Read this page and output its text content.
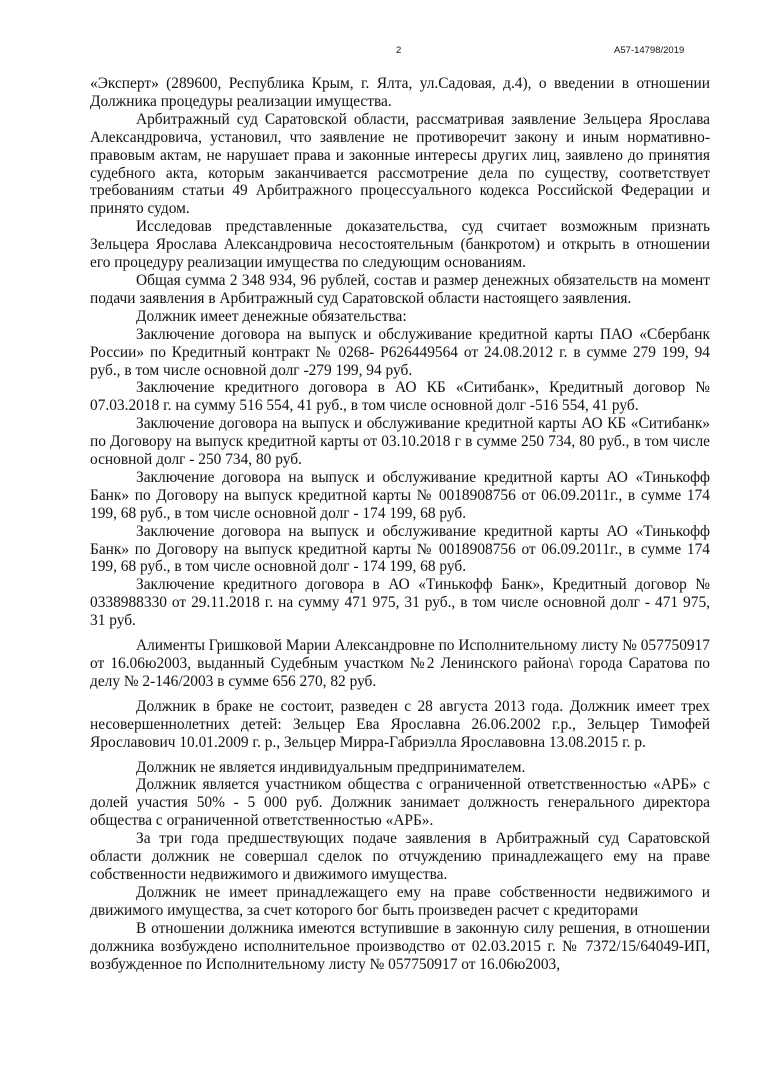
2	А57-14798/2019

«Эксперт» (289600, Республика Крым, г. Ялта, ул.Садовая, д.4), о введении в отношении Должника процедуры реализации имущества.

Арбитражный суд Саратовской области, рассматривая заявление Зельцера Ярослава Александровича, установил, что заявление не противоречит закону и иным нормативно-правовым актам, не нарушает права и законные интересы других лиц, заявлено до принятия судебного акта, которым заканчивается рассмотрение дела по существу, соответствует требованиям статьи 49 Арбитражного процессуального кодекса Российской Федерации и принято судом.

Исследовав представленные доказательства, суд считает возможным признать Зельцера Ярослава Александровича несостоятельным (банкротом) и открыть в отношении его процедуру реализации имущества по следующим основаниям.

Общая сумма 2 348 934, 96 рублей, состав и размер денежных обязательств на момент подачи заявления в Арбитражный суд Саратовской области настоящего заявления.

Должник имеет денежные обязательства:

Заключение договора на выпуск и обслуживание кредитной карты ПАО «Сбербанк России» по Кредитный контракт № 0268- Р626449564 от 24.08.2012 г. в сумме 279 199, 94 руб., в том числе основной долг -279 199, 94 руб.

Заключение кредитного договора в АО КБ «Ситибанк», Кредитный договор № 07.03.2018 г. на сумму 516 554, 41 руб., в том числе основной долг -516 554, 41 руб.

Заключение договора на выпуск и обслуживание кредитной карты АО КБ «Ситибанк» по Договору на выпуск кредитной карты от 03.10.2018 г в сумме 250 734, 80 руб., в том числе основной долг - 250 734, 80 руб.

Заключение договора на выпуск и обслуживание кредитной карты АО «Тинькофф Банк» по Договору на выпуск кредитной карты № 0018908756 от 06.09.2011г., в сумме 174 199, 68 руб., в том числе основной долг - 174 199, 68 руб.

Заключение договора на выпуск и обслуживание кредитной карты АО «Тинькофф Банк» по Договору на выпуск кредитной карты № 0018908756 от 06.09.2011г., в сумме 174 199, 68 руб., в том числе основной долг - 174 199, 68 руб.

Заключение кредитного договора в АО «Тинькофф Банк», Кредитный договор № 0338988330 от 29.11.2018 г. на сумму 471 975, 31 руб., в том числе основной долг - 471 975, 31 руб.

Алименты Гришковой Марии Александровне по Исполнительному листу № 057750917 от 16.06ю2003, выданный Судебным участком №2 Ленинского района\ города Саратова по делу № 2-146/2003 в сумме 656 270, 82 руб.

Должник в браке не состоит, разведен с 28 августа 2013 года. Должник имеет трех несовершеннолетних детей: Зельцер Ева Ярославна 26.06.2002 г.р., Зельцер Тимофей Ярославович 10.01.2009 г. р., Зельцер Мирра-Габриэлла Ярославовна 13.08.2015 г. р.

Должник не является индивидуальным предпринимателем.

Должник является участником общества с ограниченной ответственностью «АРБ» с долей участия 50% - 5 000 руб. Должник занимает должность генерального директора общества с ограниченной ответственностью «АРБ».

За три года предшествующих подаче заявления в Арбитражный суд Саратовской области должник не совершал сделок по отчуждению принадлежащего ему на праве собственности недвижимого и движимого имущества.

Должник не имеет принадлежащего ему на праве собственности недвижимого и движимого имущества, за счет которого бог быть произведен расчет с кредиторами

В отношении должника имеются вступившие в законную силу решения, в отношении должника возбуждено исполнительное производство от 02.03.2015 г. № 7372/15/64049-ИП, возбужденное по Исполнительному листу № 057750917 от 16.06ю2003,
